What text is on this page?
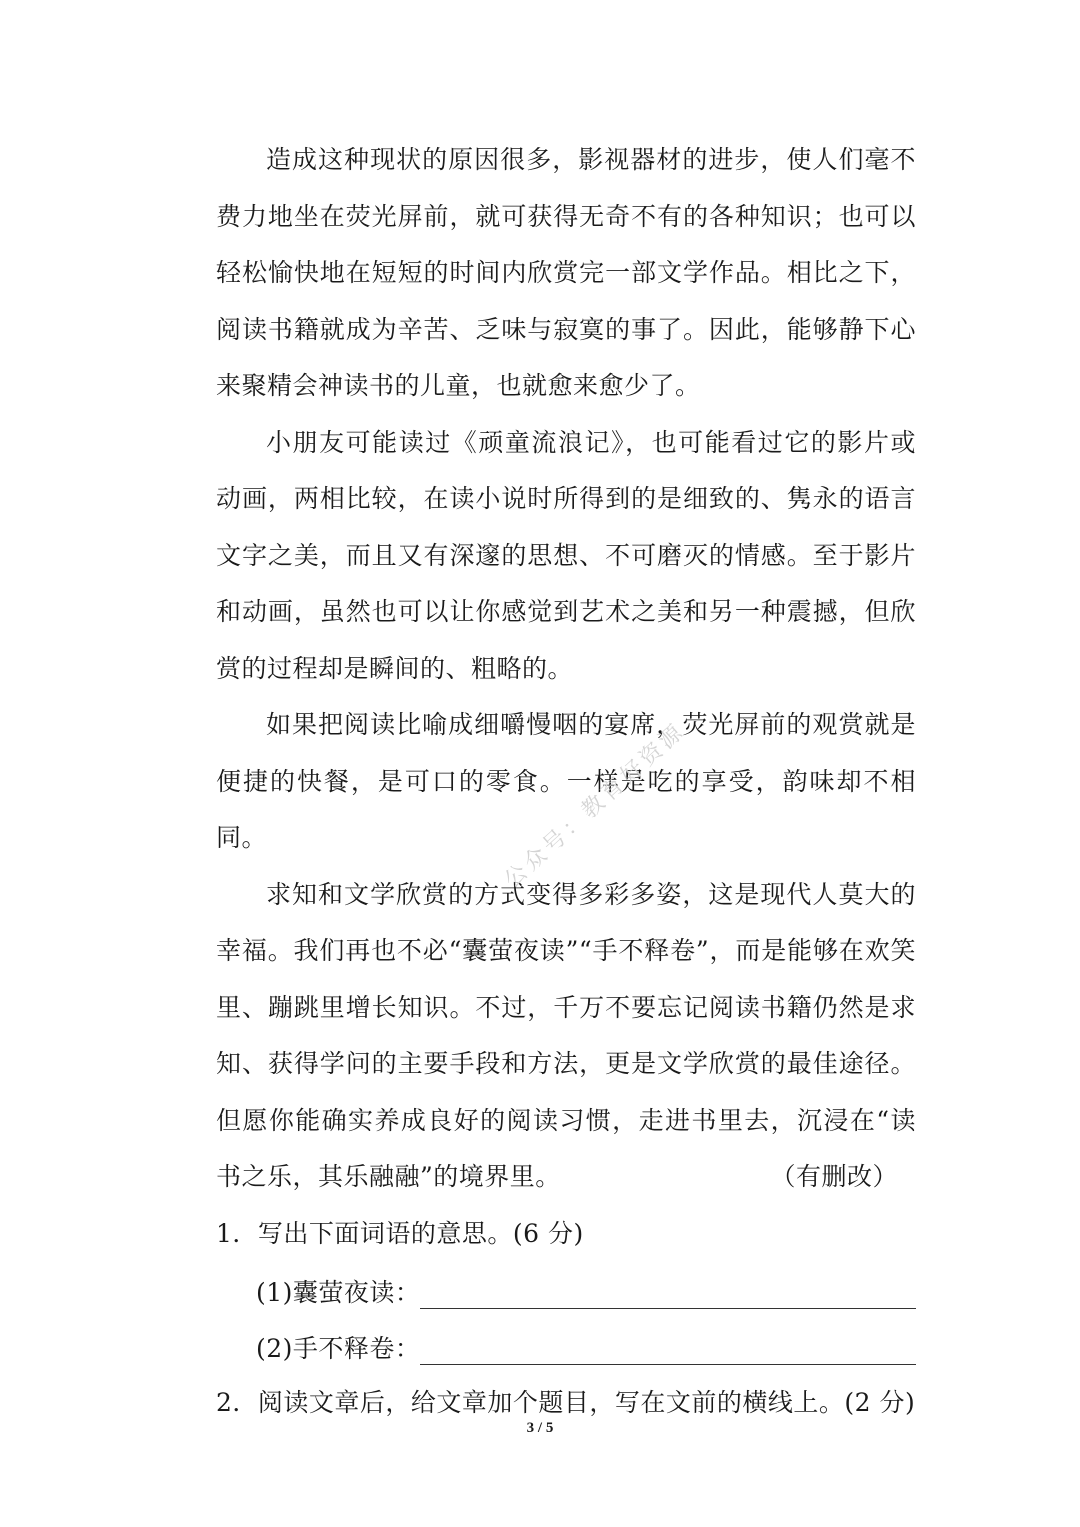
造成这种现状的原因很多，影视器材的进步，使人们毫不费力地坐在荧光屏前，就可获得无奇不有的各种知识；也可以轻松愉快地在短短的时间内欣赏完一部文学作品。相比之下，阅读书籍就成为辛苦、乏味与寂寞的事了。因此，能够静下心来聚精会神读书的儿童，也就愈来愈少了。

小朋友可能读过《顽童流浪记》，也可能看过它的影片或动画，两相比较，在读小说时所得到的是细致的、隽永的语言文字之美，而且又有深邃的思想、不可磨灭的情感。至于影片和动画，虽然也可以让你感觉到艺术之美和另一种震撼，但欣赏的过程却是瞬间的、粗略的。

如果把阅读比喻成细嚼慢咽的宴席，荧光屏前的观赏就是便捷的快餐，是可口的零食。一样是吃的享受，韵味却不相同。

求知和文学欣赏的方式变得多彩多姿，这是现代人莫大的幸福。我们再也不必“囊萤夜读”“手不释卷”，而是能够在欢笑里、蹦跳里增长知识。不过，千万不要忘记阅读书籍仍然是求知、获得学问的主要手段和方法，更是文学欣赏的最佳途径。但愿你能确实养成良好的阅读习惯，走进书里去，沉浸在“读书之乐，其乐融融”的境界里。	（有删改）

1．写出下面词语的意思。(6 分)

(1)囊萤夜读：
(2)手不释卷：

2．阅读文章后，给文章加个题目，写在文前的横线上。(2 分)

公众号：教育好资源
3 / 5
